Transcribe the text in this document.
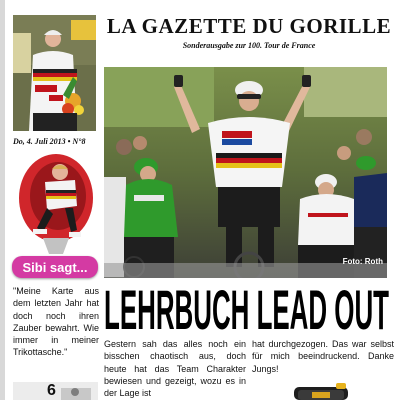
LA GAZETTE DU GORILLE
Sonderausgabe zur 100. Tour de France
Do, 4. Juli 2013 • N°8
Sibi sagt...
"Meine Karte aus dem letzten Jahr hat doch noch ihren Zauber bewahrt. Wie immer in meiner Trikottasche."
6
Foto: Roth
LEHRBUCH LEAD OUT
Gestern sah das alles noch ein bisschen chaotisch aus, doch heute hat das Team Charakter bewiesen und gezeigt, wozu es in der Lage ist
hat durchgezogen. Das war selbst für mich beeindruckend. Danke Jungs!
